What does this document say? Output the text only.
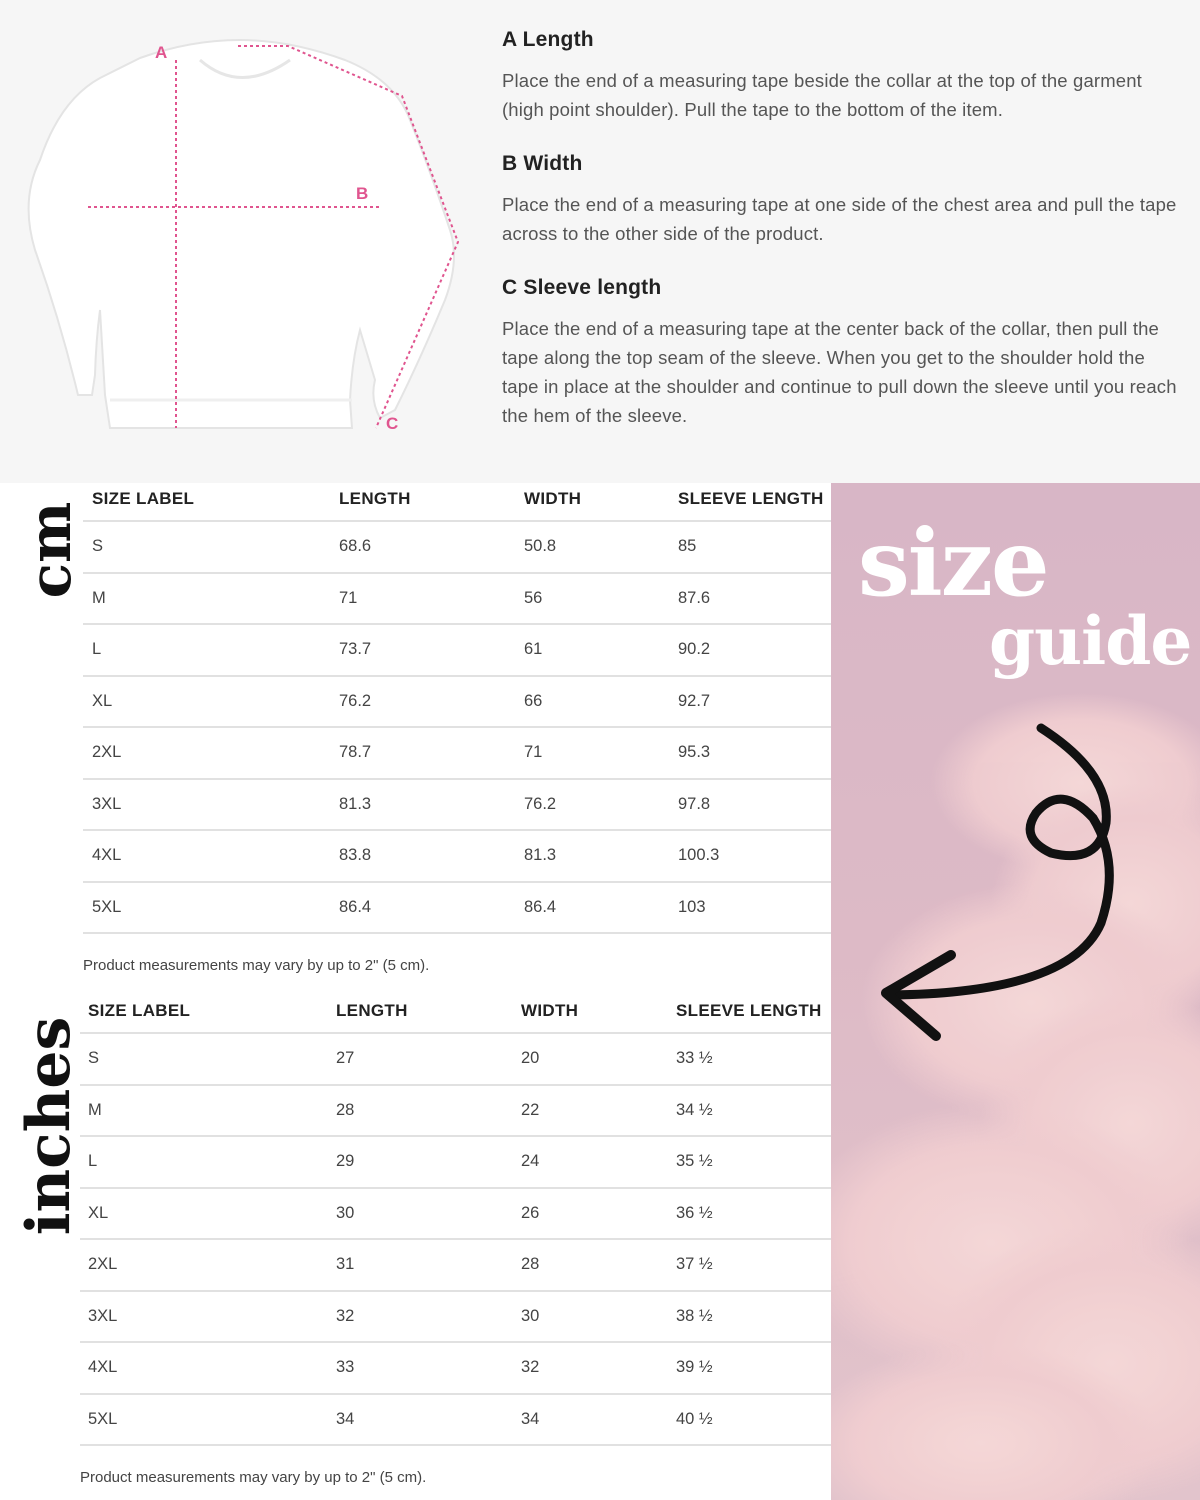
A
B
C
A Length
Place the end of a measuring tape beside the collar at the top of the garment (high point shoulder). Pull the tape to the bottom of the item.
B Width
Place the end of a measuring tape at one side of the chest area and pull the tape across to the other side of the product.
C Sleeve length
Place the end of a measuring tape at the center back of the collar, then pull the tape along the top seam of the sleeve. When you get to the shoulder hold the tape in place at the shoulder and continue to pull down the sleeve until you reach the hem of the sleeve.
cm
SIZE LABEL	LENGTH	WIDTH	SLEEVE LENGTH
S	68.6	50.8	85
M	71	56	87.6
L	73.7	61	90.2
XL	76.2	66	92.7
2XL	78.7	71	95.3
3XL	81.3	76.2	97.8
4XL	83.8	81.3	100.3
5XL	86.4	86.4	103
Product measurements may vary by up to 2" (5 cm).
inches
SIZE LABEL	LENGTH	WIDTH	SLEEVE LENGTH
S	27	20	33 ½
M	28	22	34 ½
L	29	24	35 ½
XL	30	26	36 ½
2XL	31	28	37 ½
3XL	32	30	38 ½
4XL	33	32	39 ½
5XL	34	34	40 ½
Product measurements may vary by up to 2" (5 cm).
size
guide
